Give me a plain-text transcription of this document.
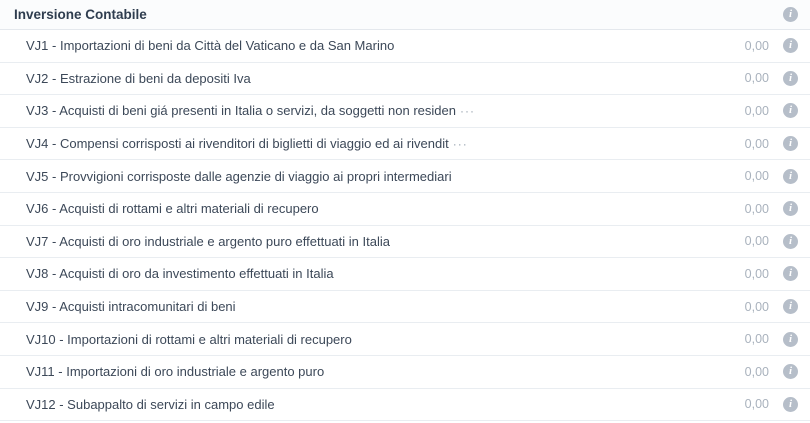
Inversione Contabile	i
VJ1 - Importazioni di beni da Città del Vaticano e da San Marino	0,00	i
VJ2 - Estrazione di beni da depositi Iva	0,00	i
VJ3 - Acquisti di beni giá presenti in Italia o servizi, da soggetti non residen ···	0,00	i
VJ4 - Compensi corrisposti ai rivenditori di biglietti di viaggio ed ai rivendit ···	0,00	i
VJ5 - Provvigioni corrisposte dalle agenzie di viaggio ai propri intermediari	0,00	i
VJ6 - Acquisti di rottami e altri materiali di recupero	0,00	i
VJ7 - Acquisti di oro industriale e argento puro effettuati in Italia	0,00	i
VJ8 - Acquisti di oro da investimento effettuati in Italia	0,00	i
VJ9 - Acquisti intracomunitari di beni	0,00	i
VJ10 - Importazioni di rottami e altri materiali di recupero	0,00	i
VJ11 - Importazioni di oro industriale e argento puro	0,00	i
VJ12 - Subappalto di servizi in campo edile	0,00	i
